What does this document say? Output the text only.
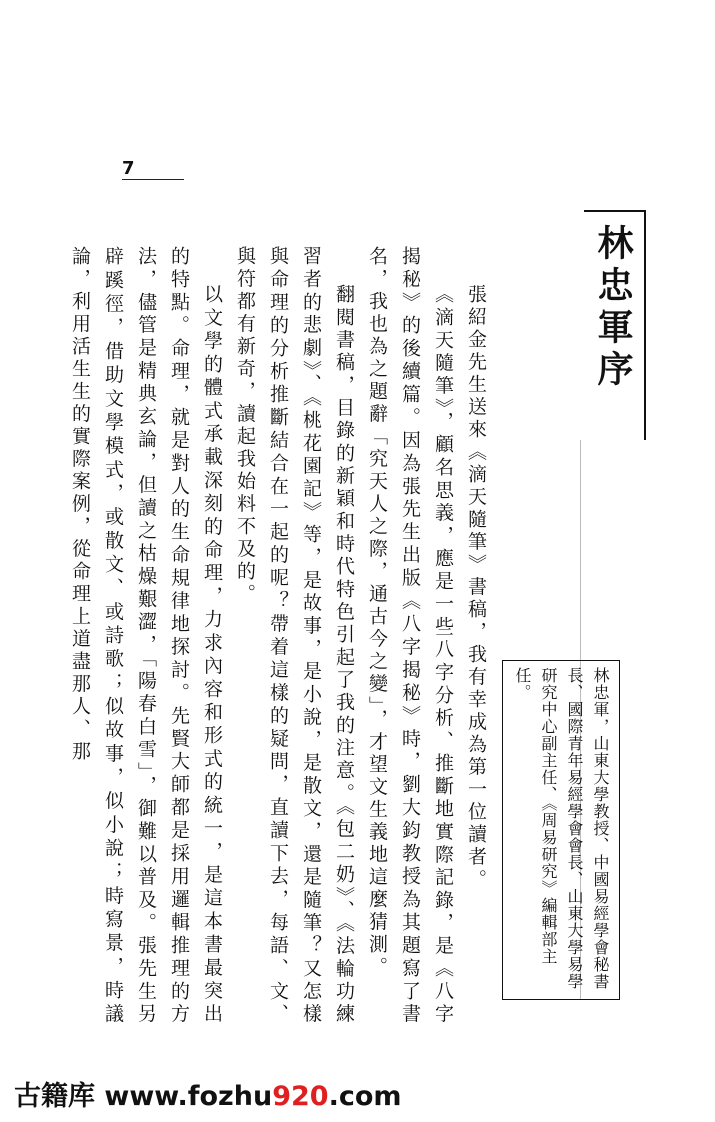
7
林忠軍序
林忠軍，山東大學教授、中國易經學會秘書長、國際青年易經學會會長、山東大學易學研究中心副主任、《周易研究》編輯部主任。

張紹金先生送來《滴天隨筆》書稿，我有幸成為第一位讀者。

《滴天隨筆》，顧名思義，應是一些八字分析、推斷地實際記錄，是《八字揭秘》的後續篇。因為張先生出版《八字揭秘》時，劉大鈞教授為其題寫了書名，我也為之題辭「究天人之際，通古今之變」，才望文生義地這麼猜測。

翻閱書稿，目錄的新穎和時代特色引起了我的注意。《包二奶》、《法輪功練習者的悲劇》、《桃花園記》等，是故事，是小說，是散文，還是隨筆？又怎樣與命理的分析推斷結合在一起的呢？帶着這樣的疑問，直讀下去，每語、文、與符都有新奇，讀起我始料不及的。

以文學的體式承載深刻的命理，力求內容和形式的統一，是這本書最突出的特點。命理，就是對人的生命規律地探討。先賢大師都是採用邏輯推理的方法，儘管是精典玄論，但讀之枯燥艱澀，「陽春白雪」，御難以普及。張先生另辟蹊徑，借助文學模式，或散文、或詩歌；似故事，似小說；時寫景，時議論，利用活生生的實際案例，從命理上道盡那人、那

古籍库 www.fozhu920.com
